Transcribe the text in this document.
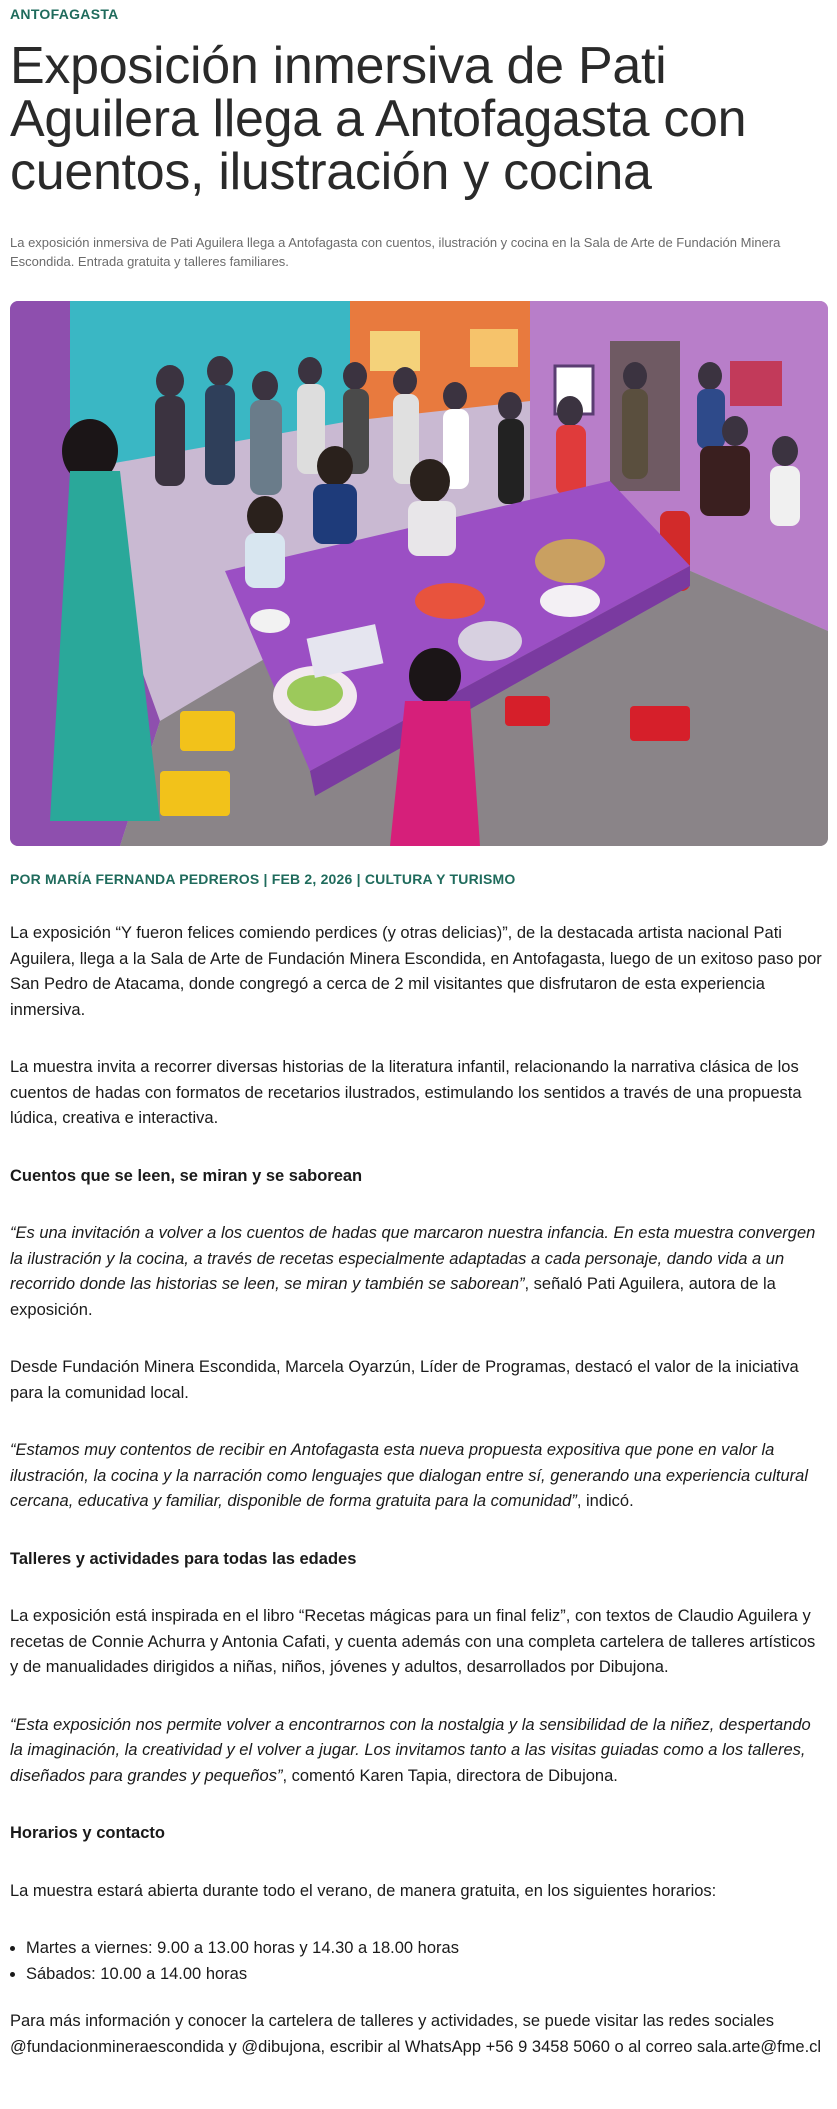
ANTOFAGASTA
Exposición inmersiva de Pati Aguilera llega a Antofagasta con cuentos, ilustración y cocina

La exposición inmersiva de Pati Aguilera llega a Antofagasta con cuentos, ilustración y cocina en la Sala de Arte de Fundación Minera Escondida. Entrada gratuita y talleres familiares.

POR MARÍA FERNANDA PEDREROS | FEB 2, 2026 | CULTURA Y TURISMO

La exposición “Y fueron felices comiendo perdices (y otras delicias)”, de la destacada artista nacional Pati Aguilera, llega a la Sala de Arte de Fundación Minera Escondida, en Antofagasta, luego de un exitoso paso por San Pedro de Atacama, donde congregó a cerca de 2 mil visitantes que disfrutaron de esta experiencia inmersiva.

La muestra invita a recorrer diversas historias de la literatura infantil, relacionando la narrativa clásica de los cuentos de hadas con formatos de recetarios ilustrados, estimulando los sentidos a través de una propuesta lúdica, creativa e interactiva.

Cuentos que se leen, se miran y se saborean

“Es una invitación a volver a los cuentos de hadas que marcaron nuestra infancia. En esta muestra convergen la ilustración y la cocina, a través de recetas especialmente adaptadas a cada personaje, dando vida a un recorrido donde las historias se leen, se miran y también se saborean”, señaló Pati Aguilera, autora de la exposición.

Desde Fundación Minera Escondida, Marcela Oyarzún, Líder de Programas, destacó el valor de la iniciativa para la comunidad local.

“Estamos muy contentos de recibir en Antofagasta esta nueva propuesta expositiva que pone en valor la ilustración, la cocina y la narración como lenguajes que dialogan entre sí, generando una experiencia cultural cercana, educativa y familiar, disponible de forma gratuita para la comunidad”, indicó.

Talleres y actividades para todas las edades

La exposición está inspirada en el libro “Recetas mágicas para un final feliz”, con textos de Claudio Aguilera y recetas de Connie Achurra y Antonia Cafati, y cuenta además con una completa cartelera de talleres artísticos y de manualidades dirigidos a niñas, niños, jóvenes y adultos, desarrollados por Dibujona.

“Esta exposición nos permite volver a encontrarnos con la nostalgia y la sensibilidad de la niñez, despertando la imaginación, la creatividad y el volver a jugar. Los invitamos tanto a las visitas guiadas como a los talleres, diseñados para grandes y pequeños”, comentó Karen Tapia, directora de Dibujona.

Horarios y contacto

La muestra estará abierta durante todo el verano, de manera gratuita, en los siguientes horarios:

• Martes a viernes: 9.00 a 13.00 horas y 14.30 a 18.00 horas
• Sábados: 10.00 a 14.00 horas

Para más información y conocer la cartelera de talleres y actividades, se puede visitar las redes sociales @fundacionmineraescondida y @dibujona, escribir al WhatsApp +56 9 3458 5060 o al correo sala.arte@fme.cl
